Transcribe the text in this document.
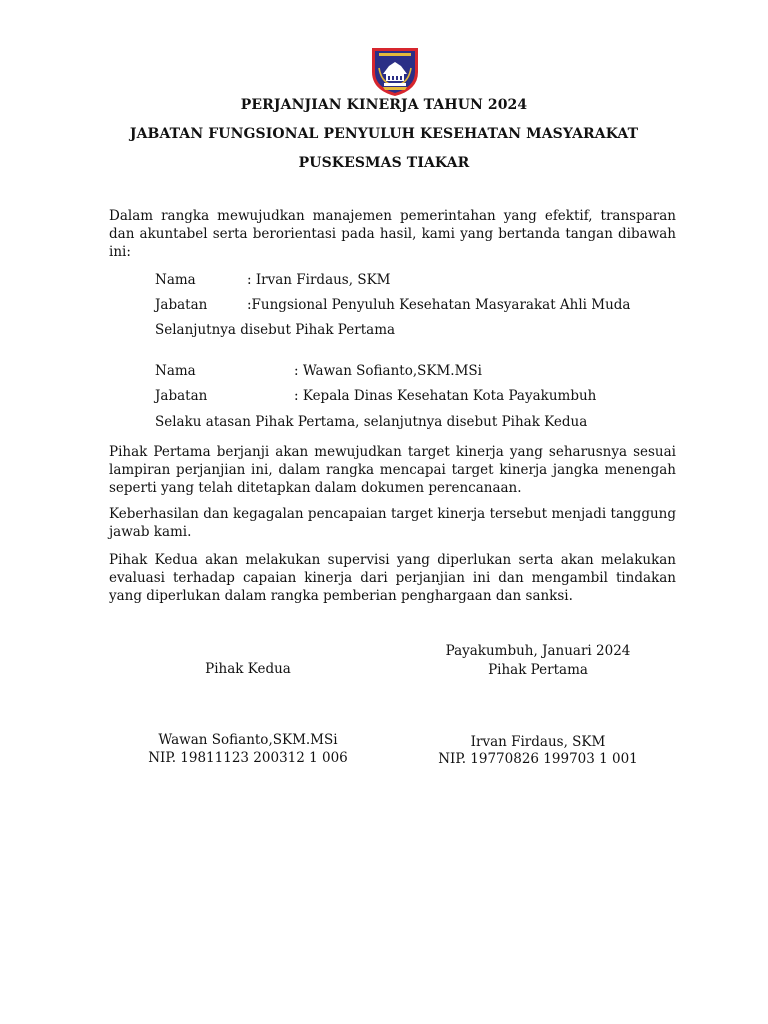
PERJANJIAN KINERJA TAHUN 2024
JABATAN FUNGSIONAL PENYULUH KESEHATAN MASYARAKAT
PUSKESMAS TIAKAR
Dalam rangka mewujudkan manajemen pemerintahan yang efektif, transparan dan akuntabel serta berorientasi pada hasil, kami yang bertanda tangan dibawah ini:
Nama	: Irvan Firdaus, SKM
Jabatan	:Fungsional Penyuluh Kesehatan Masyarakat Ahli Muda
Selanjutnya disebut Pihak Pertama
Nama	: Wawan Sofianto,SKM.MSi
Jabatan	: Kepala Dinas Kesehatan Kota Payakumbuh
Selaku atasan Pihak Pertama, selanjutnya disebut Pihak Kedua
Pihak Pertama berjanji akan mewujudkan target kinerja yang seharusnya sesuai lampiran perjanjian ini, dalam rangka mencapai target kinerja jangka menengah seperti yang telah ditetapkan dalam dokumen perencanaan.
Keberhasilan dan kegagalan pencapaian target kinerja tersebut menjadi tanggung jawab kami.
Pihak Kedua akan melakukan supervisi yang diperlukan serta akan melakukan evaluasi terhadap capaian kinerja dari perjanjian ini dan mengambil tindakan yang diperlukan dalam rangka pemberian penghargaan dan sanksi.
Payakumbuh, Januari 2024
Pihak Kedua	Pihak Pertama
Wawan Sofianto,SKM.MSi
NIP. 19811123 200312 1 006
Irvan Firdaus, SKM
NIP. 19770826 199703 1 001
